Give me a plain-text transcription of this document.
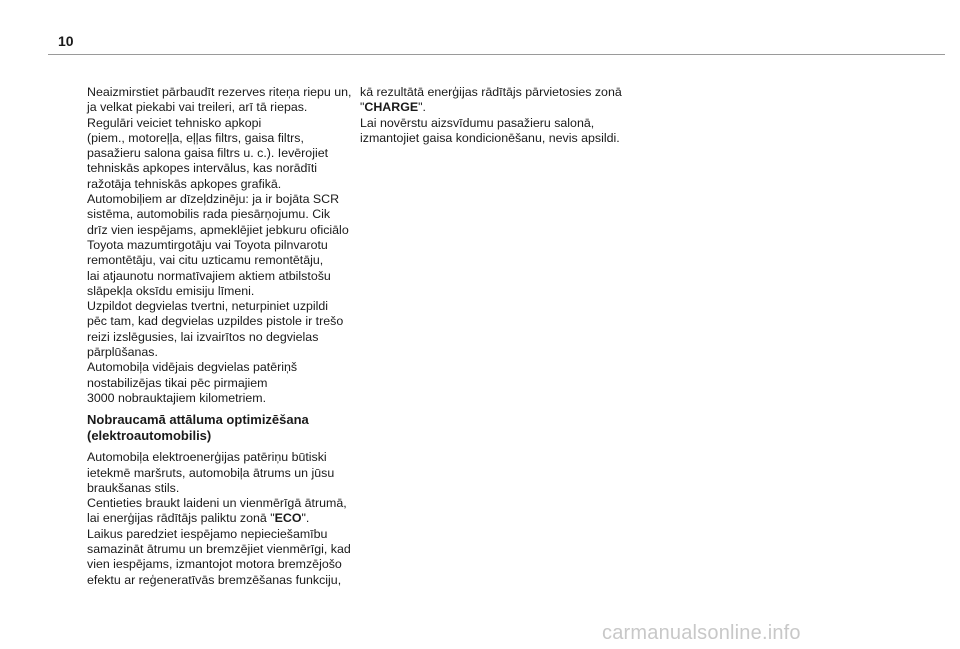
10
Neaizmirstiet pārbaudīt rezerves riteņa riepu un,
ja velkat piekabi vai treileri, arī tā riepas.
Regulāri veiciet tehnisko apkopi
(piem., motoreļļa, eļļas filtrs, gaisa filtrs,
pasažieru salona gaisa filtrs u. c.). Ievērojiet
tehniskās apkopes intervālus, kas norādīti
ražotāja tehniskās apkopes grafikā.
Automobiļiem ar dīzeļdzinēju: ja ir bojāta SCR
sistēma, automobilis rada piesārņojumu. Cik
drīz vien iespējams, apmeklējiet jebkuru oficiālo
Toyota mazumtirgotāju vai Toyota pilnvarotu
remontētāju, vai citu uzticamu remontētāju,
lai atjaunotu normatīvajiem aktiem atbilstošu
slāpekļa oksīdu emisiju līmeni.
Uzpildot degvielas tvertni, neturpiniet uzpildi
pēc tam, kad degvielas uzpildes pistole ir trešo
reizi izslēgusies, lai izvairītos no degvielas
pārplūšanas.
Automobiļa vidējais degvielas patēriņš
nostabilizējas tikai pēc pirmajiem
3000 nobrauktajiem kilometriem.
Nobraucamā attāluma optimizēšana
(elektroautomobilis)
Automobiļa elektroenerģijas patēriņu būtiski
ietekmē maršruts, automobiļa ātrums un jūsu
braukšanas stils.
Centieties braukt laideni un vienmērīgā ātrumā,
lai enerģijas rādītājs paliktu zonā "ECO".
Laikus paredziet iespējamo nepieciešamību
samazināt ātrumu un bremzējiet vienmērīgi, kad
vien iespējams, izmantojot motora bremzējošo
efektu ar reģeneratīvās bremzēšanas funkciju,
kā rezultātā enerģijas rādītājs pārvietosies zonā
"CHARGE".
Lai novērstu aizsvīdumu pasažieru salonā,
izmantojiet gaisa kondicionēšanu, nevis apsildi.
carmanualsonline.info
